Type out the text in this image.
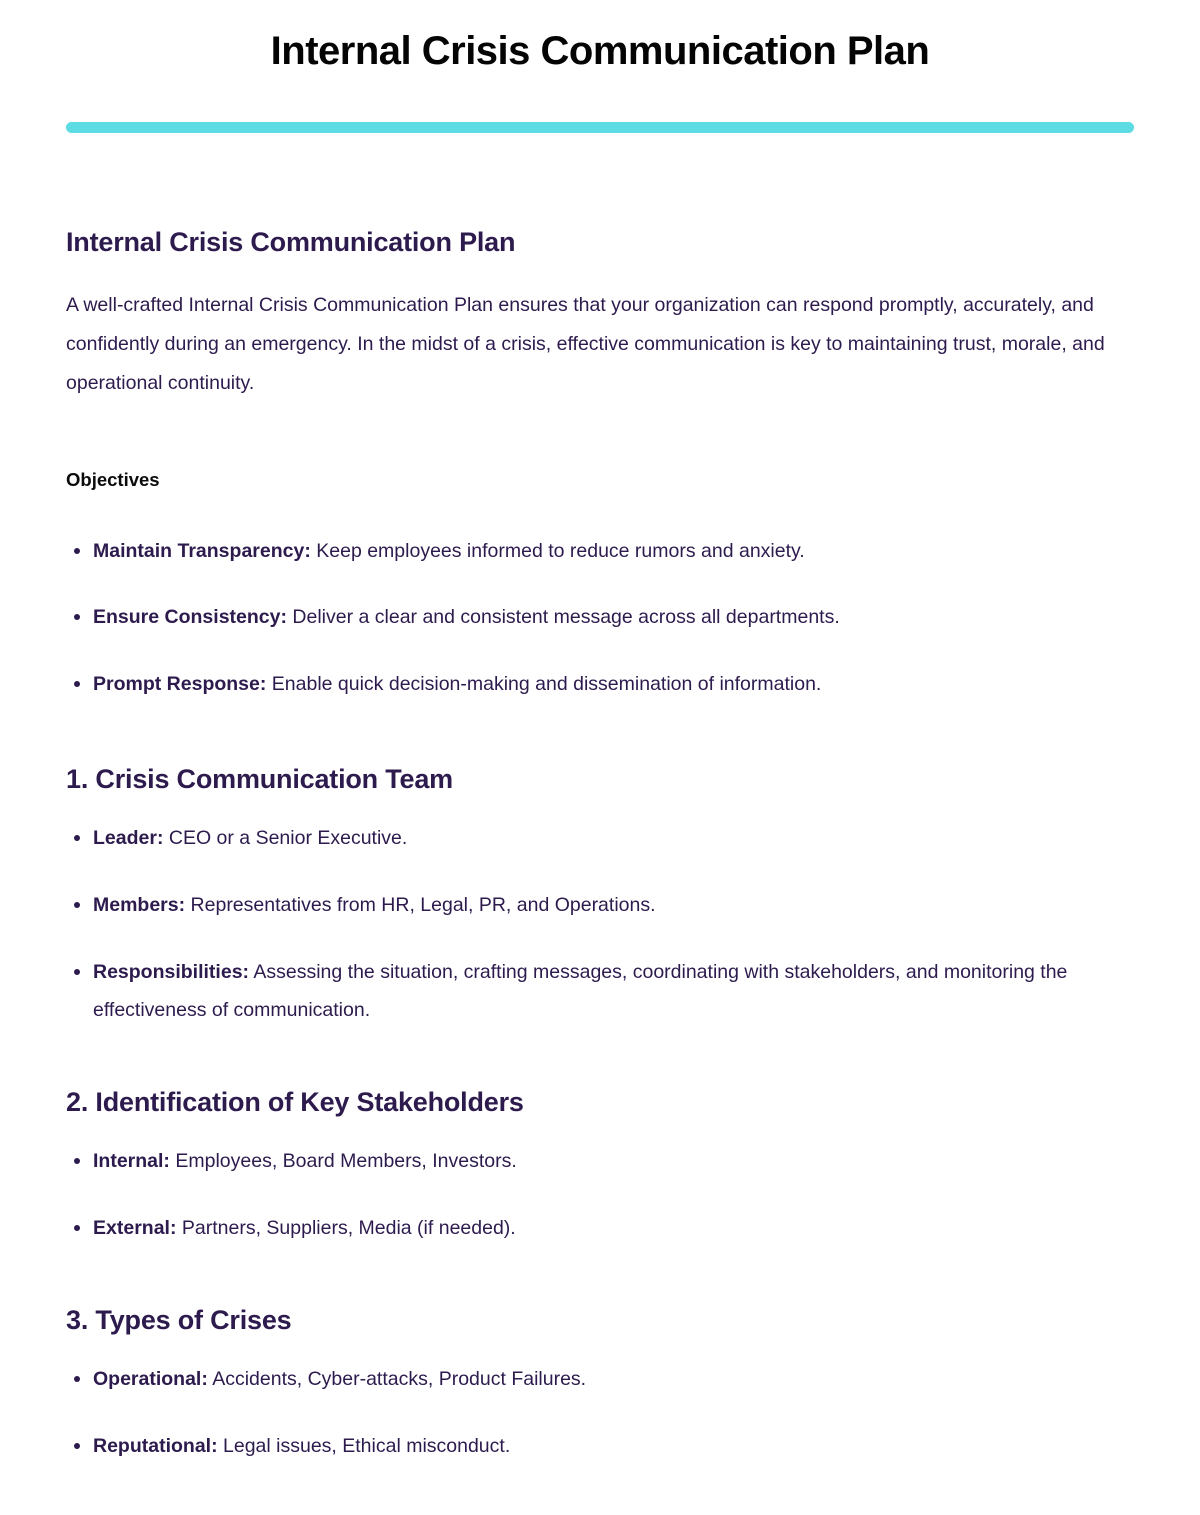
Internal Crisis Communication Plan
Internal Crisis Communication Plan

A well-crafted Internal Crisis Communication Plan ensures that your organization can respond promptly, accurately, and confidently during an emergency. In the midst of a crisis, effective communication is key to maintaining trust, morale, and operational continuity.

Objectives
Maintain Transparency: Keep employees informed to reduce rumors and anxiety.
Ensure Consistency: Deliver a clear and consistent message across all departments.
Prompt Response: Enable quick decision-making and dissemination of information.
1. Crisis Communication Team
Leader: CEO or a Senior Executive.
Members: Representatives from HR, Legal, PR, and Operations.
Responsibilities: Assessing the situation, crafting messages, coordinating with stakeholders, and monitoring the effectiveness of communication.
2. Identification of Key Stakeholders
Internal: Employees, Board Members, Investors.
External: Partners, Suppliers, Media (if needed).
3. Types of Crises
Operational: Accidents, Cyber-attacks, Product Failures.
Reputational: Legal issues, Ethical misconduct.
